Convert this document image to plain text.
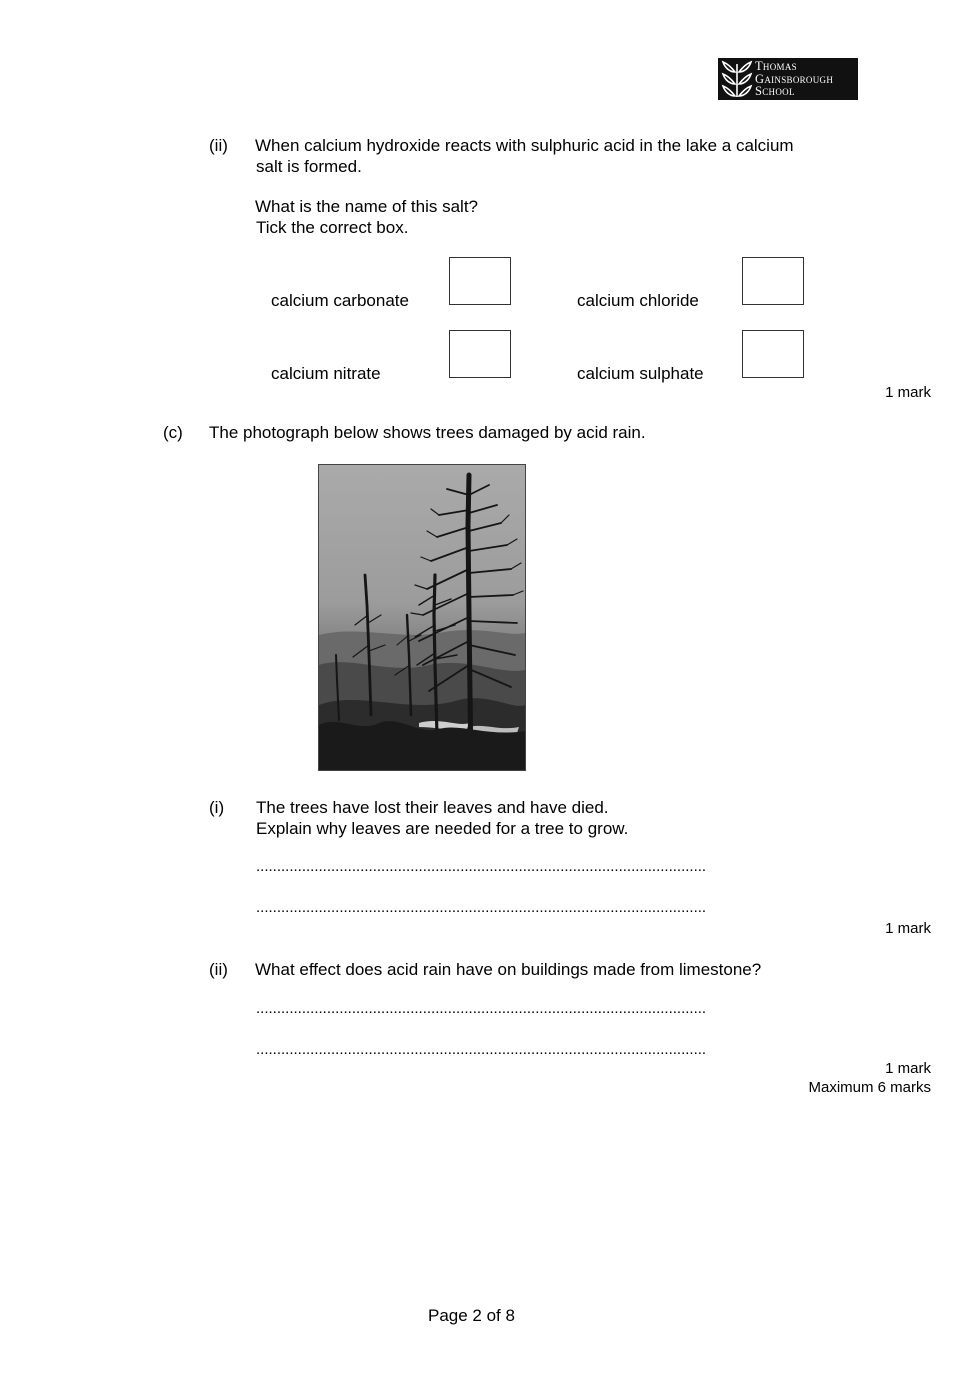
Thomas
Gainsborough
School
(ii) When calcium hydroxide reacts with sulphuric acid in the lake a calcium
salt is formed.
What is the name of this salt?
Tick the correct box.
calcium carbonate	calcium chloride
calcium nitrate	calcium sulphate
1 mark
(c) The photograph below shows trees damaged by acid rain.
(i) The trees have lost their leaves and have died.
Explain why leaves are needed for a tree to grow.
............................................................................................................
............................................................................................................
1 mark
(ii) What effect does acid rain have on buildings made from limestone?
............................................................................................................
............................................................................................................
1 mark
Maximum 6 marks
Page 2 of 8
